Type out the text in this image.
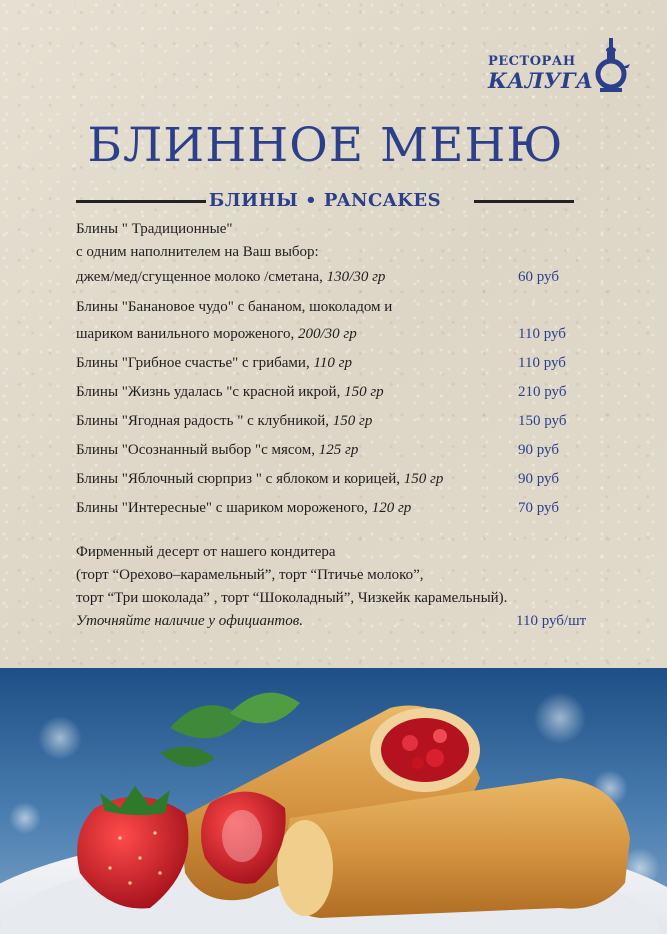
РЕСТОРАН
КАЛУГА
БЛИННОЕ МЕНЮ
БЛИНЫ • PANCAKES
Блины " Традиционные"
с одним наполнителем на Ваш выбор:
джем/мед/сгущенное молоко /сметана, 130/30 гр	60 руб
Блины "Банановое чудо" с бананом, шоколадом и
шариком ванильного мороженого, 200/30 гр	110 руб
Блины "Грибное счастье" с грибами, 110 гр	110 руб
Блины "Жизнь удалась "с красной икрой, 150 гр	210 руб
Блины "Ягодная радость " с клубникой, 150 гр	150 руб
Блины "Осознанный выбор "с мясом, 125 гр	90 руб
Блины "Яблочный сюрприз " с яблоком и корицей, 150 гр	90 руб
Блины "Интересные" с шариком мороженого, 120 гр	70 руб
Фирменный десерт от нашего кондитера
(торт “Орехово–карамельный”, торт “Птичье молоко”,
торт “Три шоколада” , торт “Шоколадный”, Чизкейк карамельный).
Уточняйте наличие у официантов.	110 руб/шт
